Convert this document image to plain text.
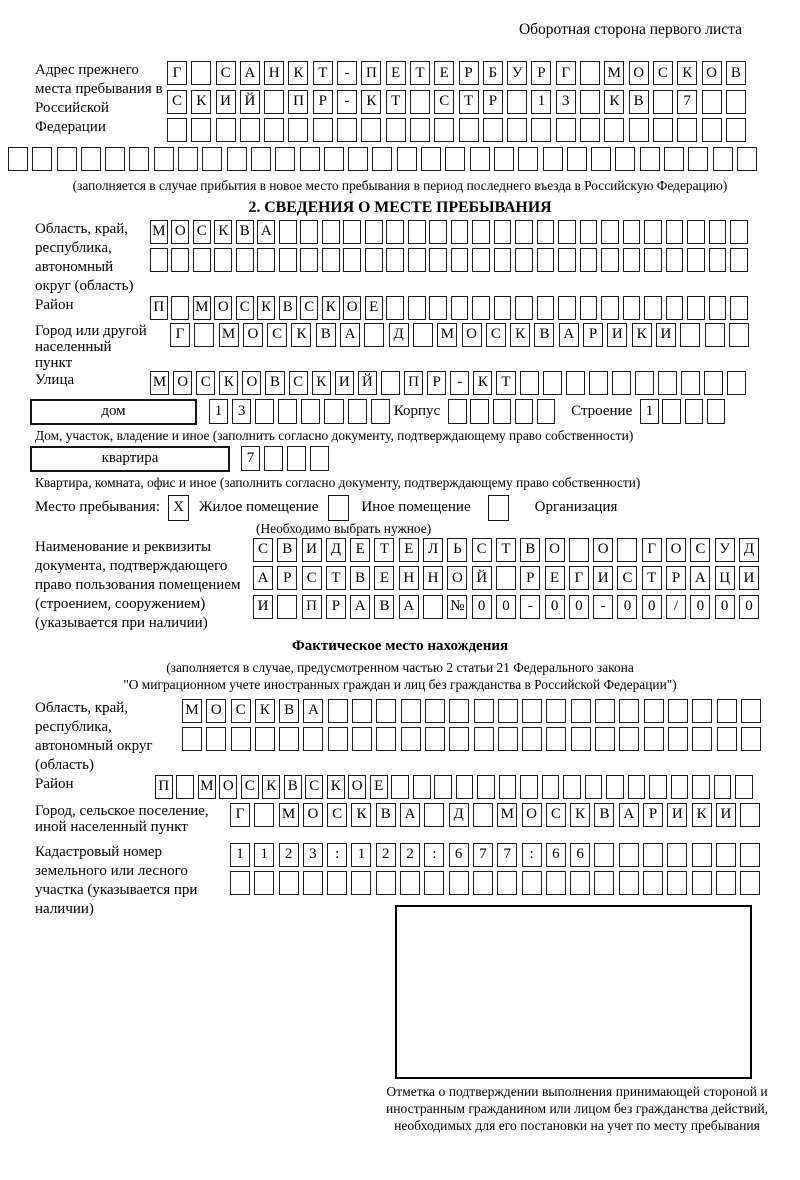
Оборотная сторона первого листа
Адрес прежнего места пребывания в Российской Федерации
Г	С А Н К Т	-	П Е	Т	Е	Р	Б У Р	Г	М О С К О В
С К И Й	П Р	-	К Т	С Т	Р	1	3	К В	7
(заполняется в случае прибытия в новое место пребывания в период последнего въезда в Российскую Федерацию)
2. СВЕДЕНИЯ О МЕСТЕ ПРЕБЫВАНИЯ
Область, край, республика, автономный округ (область)
М О С К В А
Район	П М О С К В С К О Е
Город или другой населенный пункт
Г	М О С К В А	Д	М О С К В А Р И К И
Улица	М О С К О В С К И Й П Р	-	К Т
дом	1	3	Корпус	Строение 1
Дом, участок, владение и иное (заполнить согласно документу, подтверждающему право собственности)
квартира	7
Квартира, комната, офис и иное (заполнить согласно документу, подтверждающему право собственности)
Место пребывания: X	Жилое помещение	Иное помещение	Организация
(Необходимо выбрать нужное)
Наименование и реквизиты документа, подтверждающего право пользования помещением (строением, сооружением) (указывается при наличии)
С В И Д Е	Т	Е Л Ь С Т В О	О	Г О С У Д
А Р	С Т В Е Н Н О Й	Р	Е	Г И С Т	Р А Ц И
И	П Р А В А	№ 0	0	-	0	0	-	0	0	/	0	0	0
Фактическое место нахождения
(заполняется в случае, предусмотренном частью 2 статьи 21 Федерального закона
"О миграционном учете иностранных граждан и лиц без гражданства в Российской Федерации")
Область, край, республика, автономный округ (область)
М О С К В А
Район	П М О С К В С К О Е
Город, сельское поселение, иной населенный пункт
Г	М О С К В А	Д	М О С К В А Р И К И
Кадастровый номер земельного или лесного участка (указывается при наличии)
1	1	2	3	:	1	2	2	:	6	7	7	:	6	6
Отметка о подтверждении выполнения принимающей стороной и иностранным гражданином или лицом без гражданства действий, необходимых для его постановки на учет по месту пребывания
